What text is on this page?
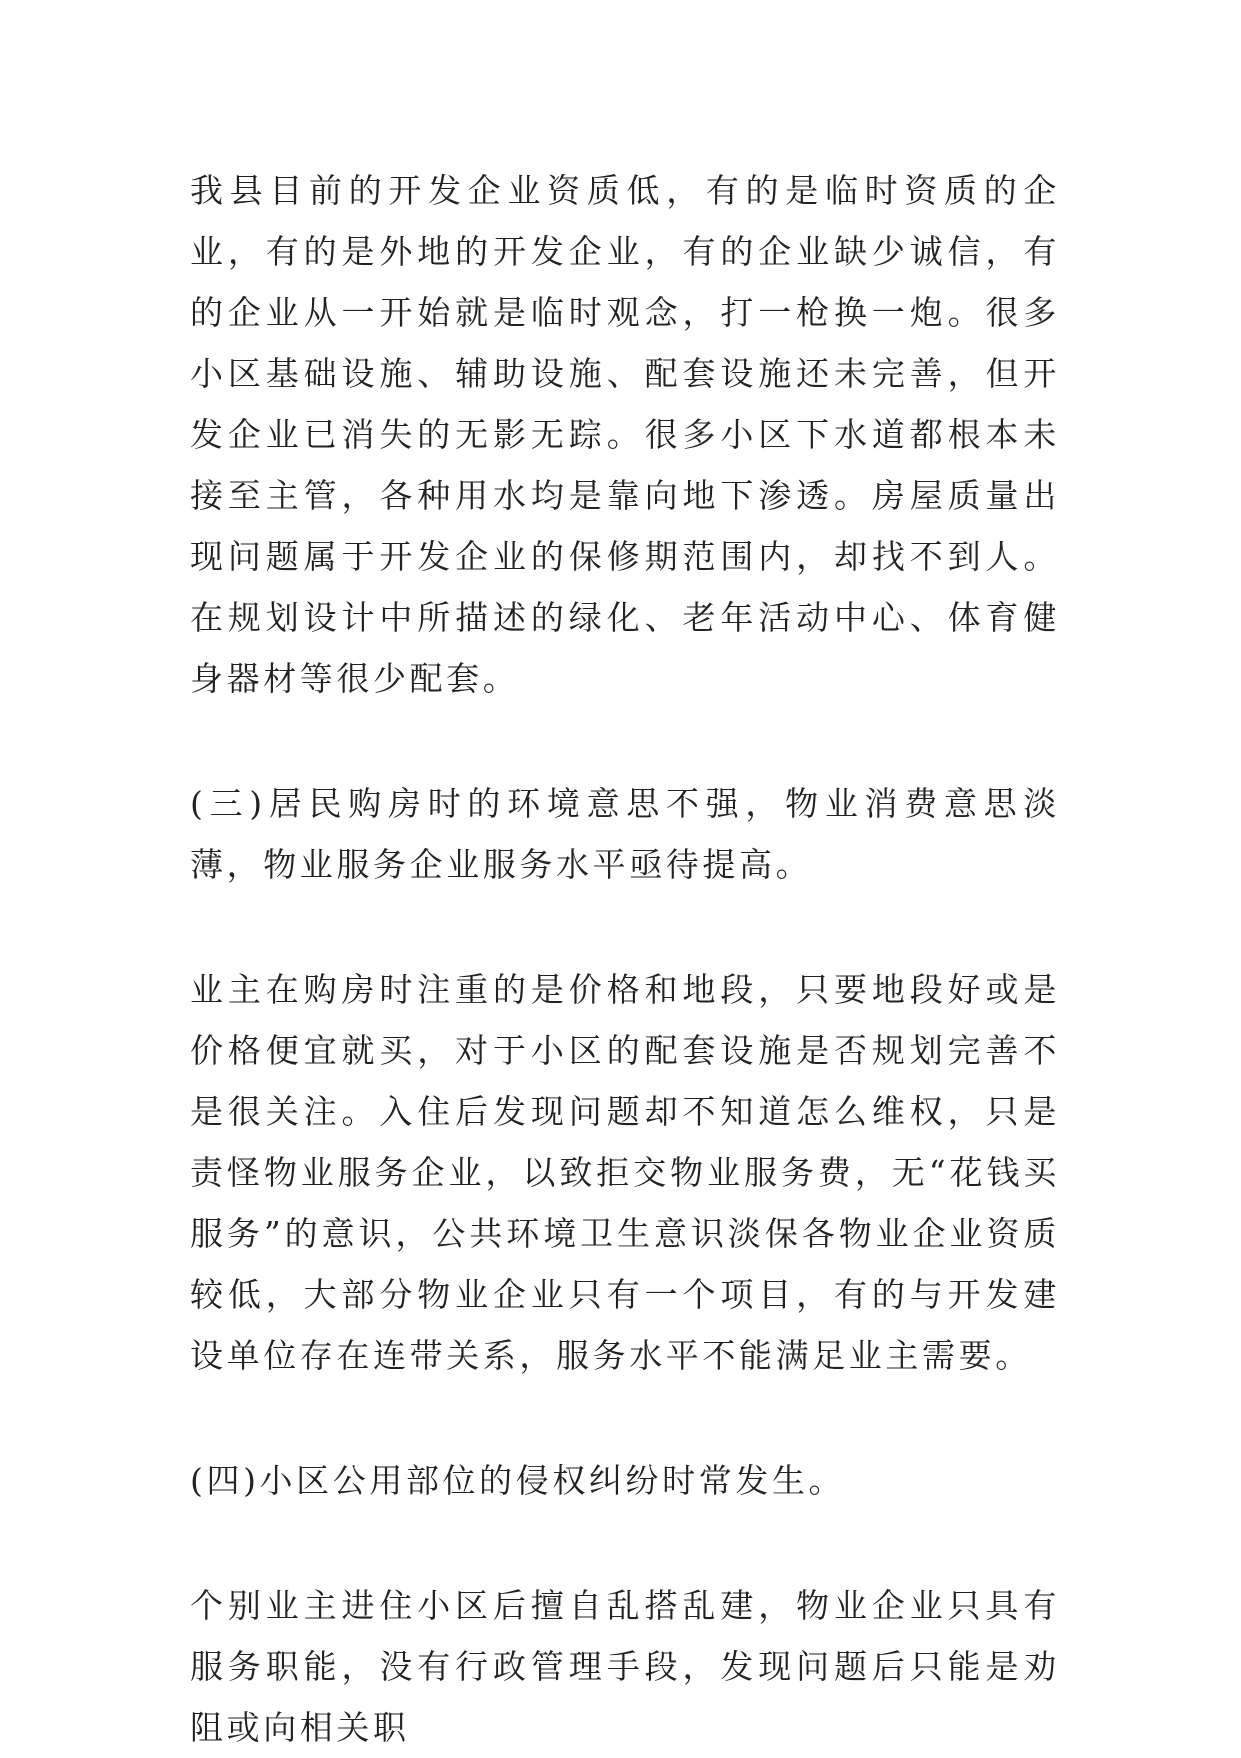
我县目前的开发企业资质低，有的是临时资质的企业，有的是外地的开发企业，有的企业缺少诚信，有的企业从一开始就是临时观念，打一枪换一炮。很多小区基础设施、辅助设施、配套设施还未完善，但开发企业已消失的无影无踪。很多小区下水道都根本未接至主管，各种用水均是靠向地下渗透。房屋质量出现问题属于开发企业的保修期范围内，却找不到人。在规划设计中所描述的绿化、老年活动中心、体育健身器材等很少配套。

(三)居民购房时的环境意思不强，物业消费意思淡薄，物业服务企业服务水平亟待提高。

业主在购房时注重的是价格和地段，只要地段好或是价格便宜就买，对于小区的配套设施是否规划完善不是很关注。入住后发现问题却不知道怎么维权，只是责怪物业服务企业，以致拒交物业服务费，无“花钱买服务”的意识，公共环境卫生意识淡保各物业企业资质较低，大部分物业企业只有一个项目，有的与开发建设单位存在连带关系，服务水平不能满足业主需要。

(四)小区公用部位的侵权纠纷时常发生。

个别业主进住小区后擅自乱搭乱建，物业企业只具有服务职能，没有行政管理手段，发现问题后只能是劝阻或向相关职
